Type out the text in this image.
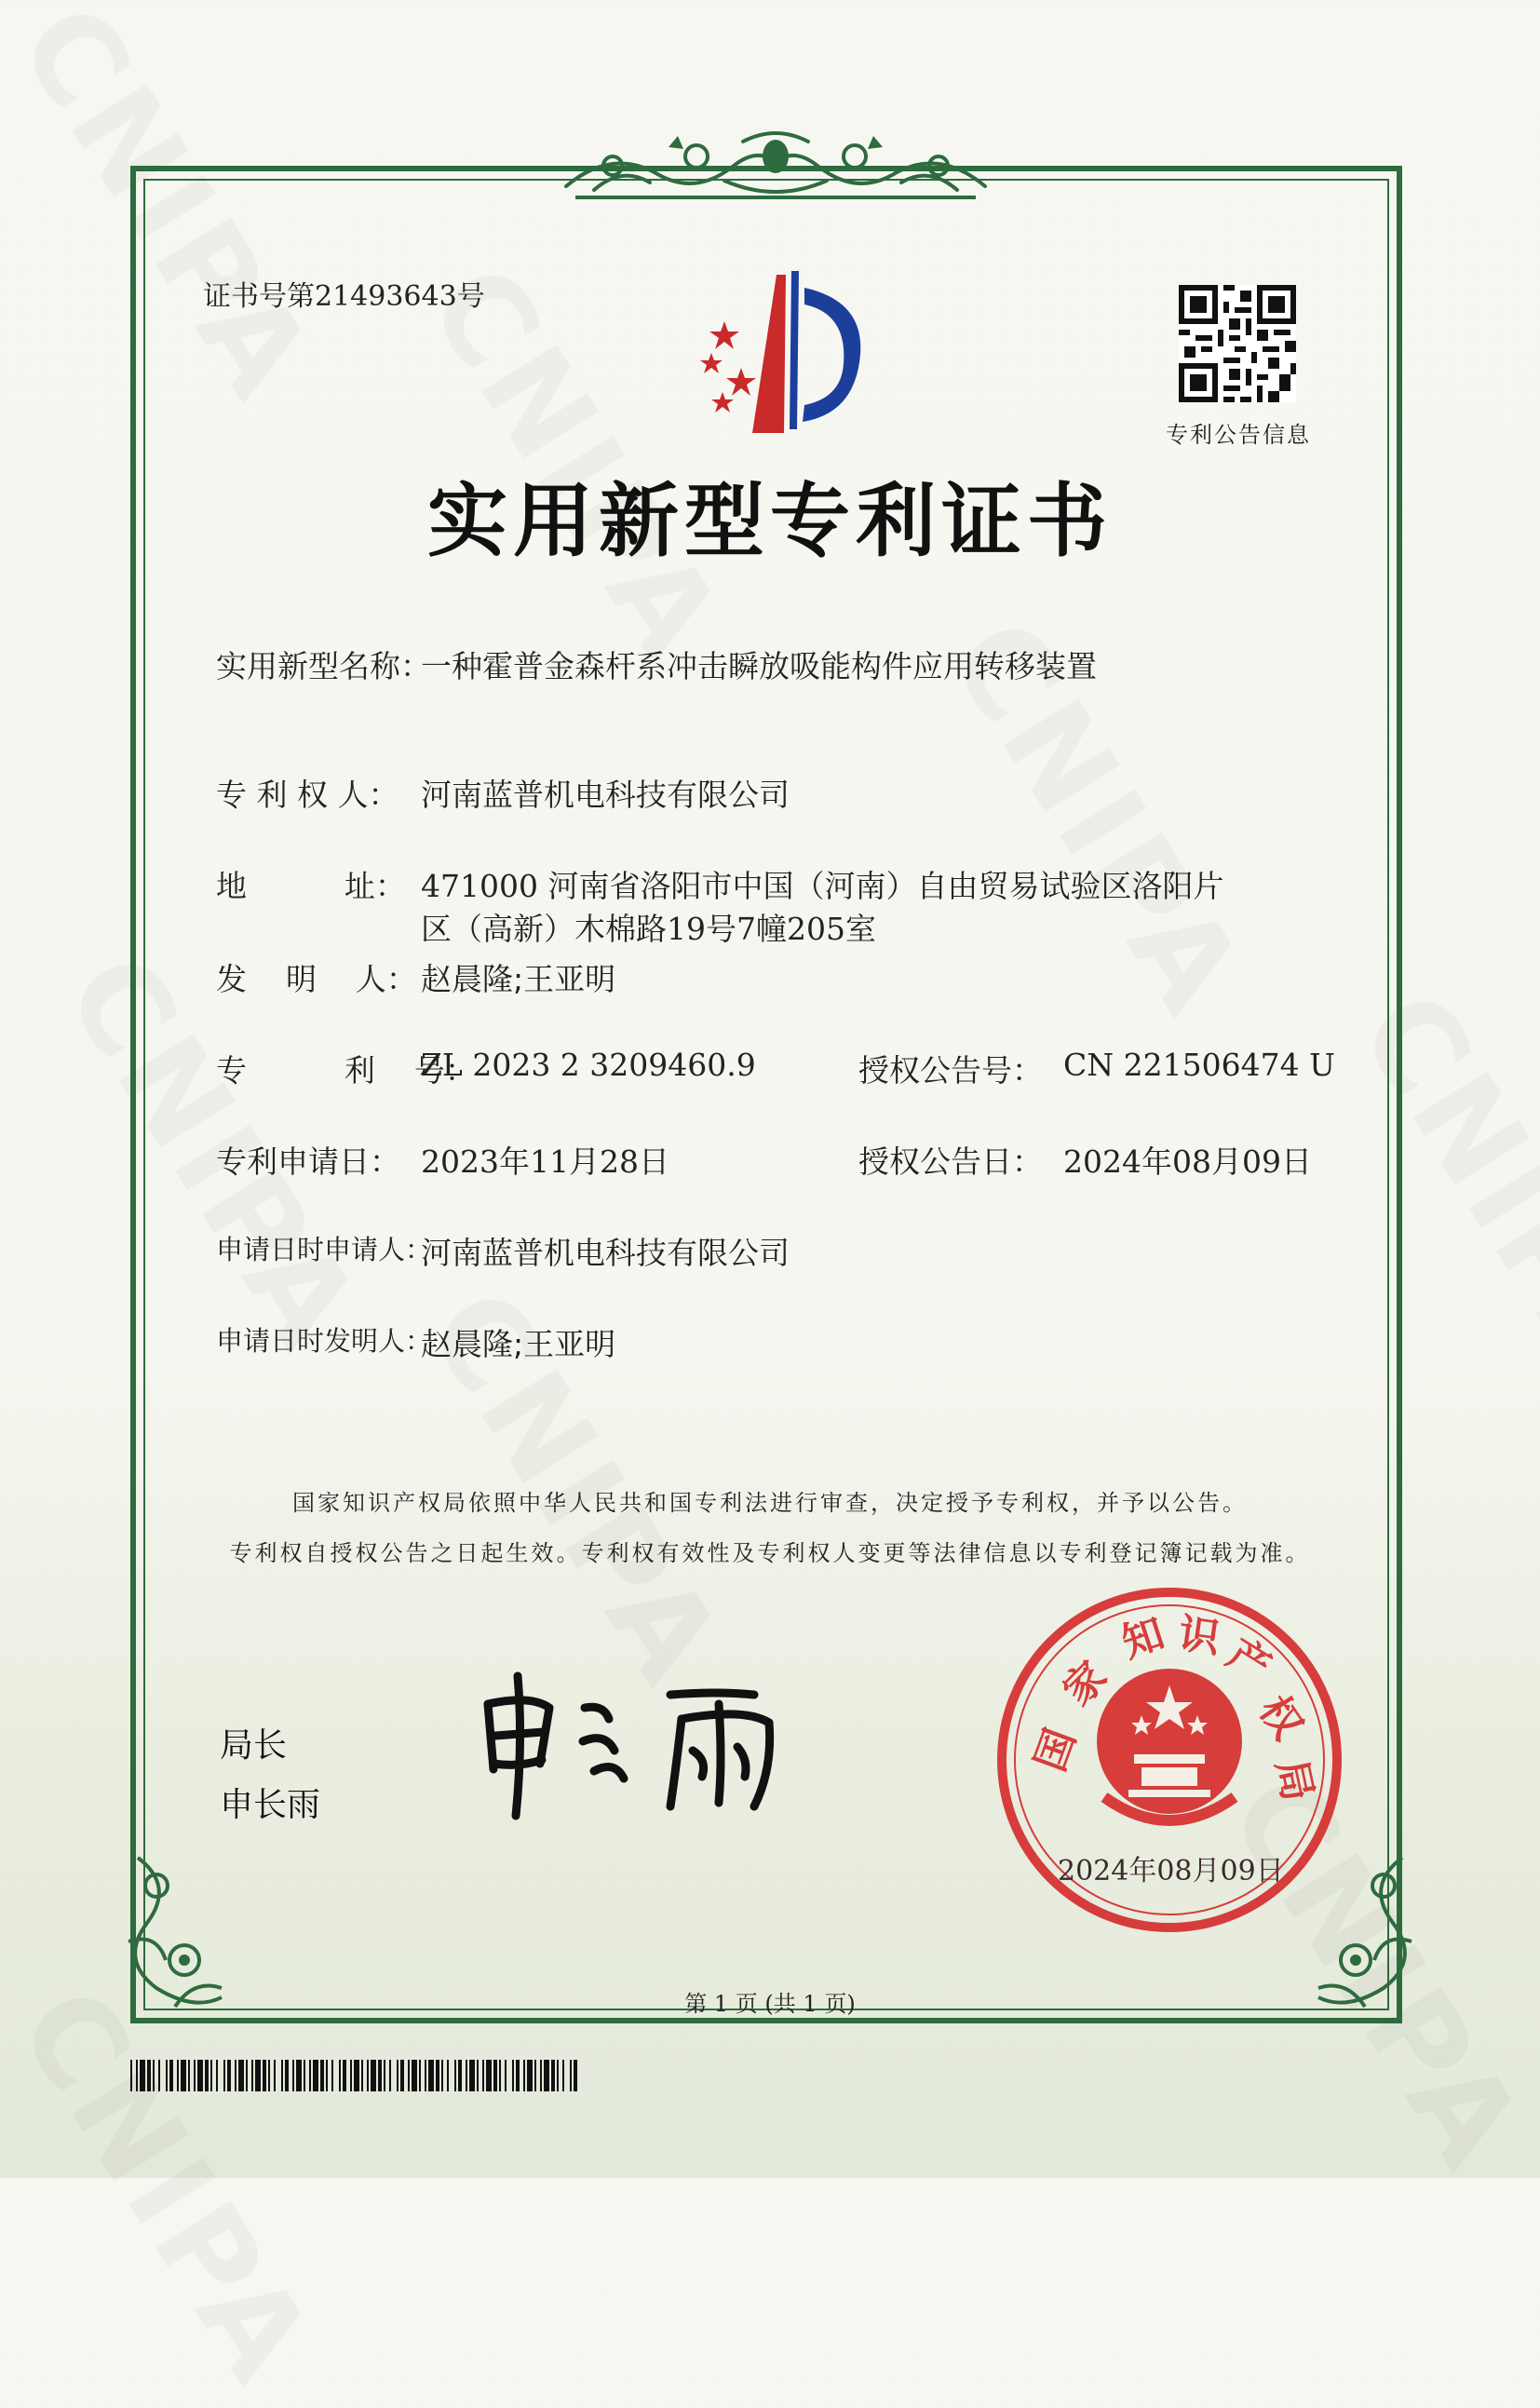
证书号第21493643号
专利公告信息
实用新型专利证书
实用新型名称：
一种霍普金森杆系冲击瞬放吸能构件应用转移装置
专 利 权 人： 河南蓝普机电科技有限公司
地          址： 471000 河南省洛阳市中国（河南）自由贸易试验区洛阳片
区（高新）木棉路19号7幢205室
发    明    人： 赵晨隆;王亚明
专          利    号：
ZL 2023 2 3209460.9	授权公告号： CN 221506474 U
专利申请日： 2023年11月28日	授权公告日： 2024年08月09日
申请日时申请人：
河南蓝普机电科技有限公司
申请日时发明人：
赵晨隆;王亚明
国家知识产权局依照中华人民共和国专利法进行审查，决定授予专利权，并予以公告。
专利权自授权公告之日起生效。专利权有效性及专利权人变更等法律信息以专利登记簿记载为准。
局长
申长雨
国
家
知 识
产
权
局
2024年08月09日
第 1 页 (共 1 页)
